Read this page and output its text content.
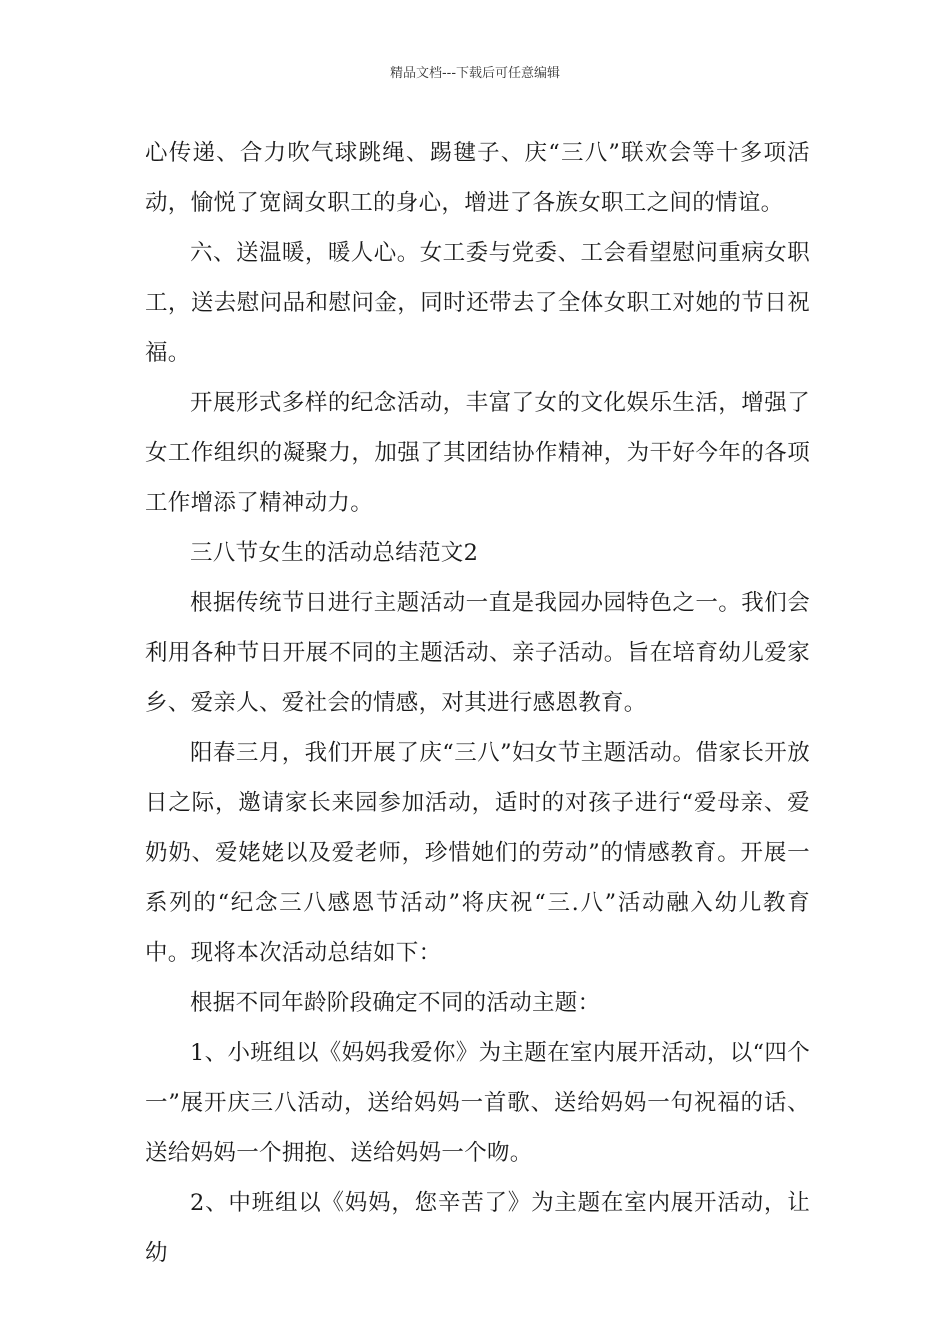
精品文档---下载后可任意编辑

心传递、合力吹气球跳绳、踢毽子、庆“三八”联欢会等十多项活动，愉悦了宽阔女职工的身心，增进了各族女职工之间的情谊。

六、送温暖，暖人心。女工委与党委、工会看望慰问重病女职工，送去慰问品和慰问金，同时还带去了全体女职工对她的节日祝福。

开展形式多样的纪念活动，丰富了女的文化娱乐生活，增强了女工作组织的凝聚力，加强了其团结协作精神，为干好今年的各项工作增添了精神动力。

三八节女生的活动总结范文2

根据传统节日进行主题活动一直是我园办园特色之一。我们会利用各种节日开展不同的主题活动、亲子活动。旨在培育幼儿爱家乡、爱亲人、爱社会的情感，对其进行感恩教育。

阳春三月，我们开展了庆“三八”妇女节主题活动。借家长开放日之际，邀请家长来园参加活动，适时的对孩子进行“爱母亲、爱奶奶、爱姥姥以及爱老师，珍惜她们的劳动”的情感教育。开展一系列的“纪念三八感恩节活动”将庆祝“三.八”活动融入幼儿教育中。现将本次活动总结如下：

根据不同年龄阶段确定不同的活动主题：

1、小班组以《妈妈我爱你》为主题在室内展开活动，以“四个一”展开庆三八活动，送给妈妈一首歌、送给妈妈一句祝福的话、送给妈妈一个拥抱、送给妈妈一个吻。

2、中班组以《妈妈，您辛苦了》为主题在室内展开活动，让幼
